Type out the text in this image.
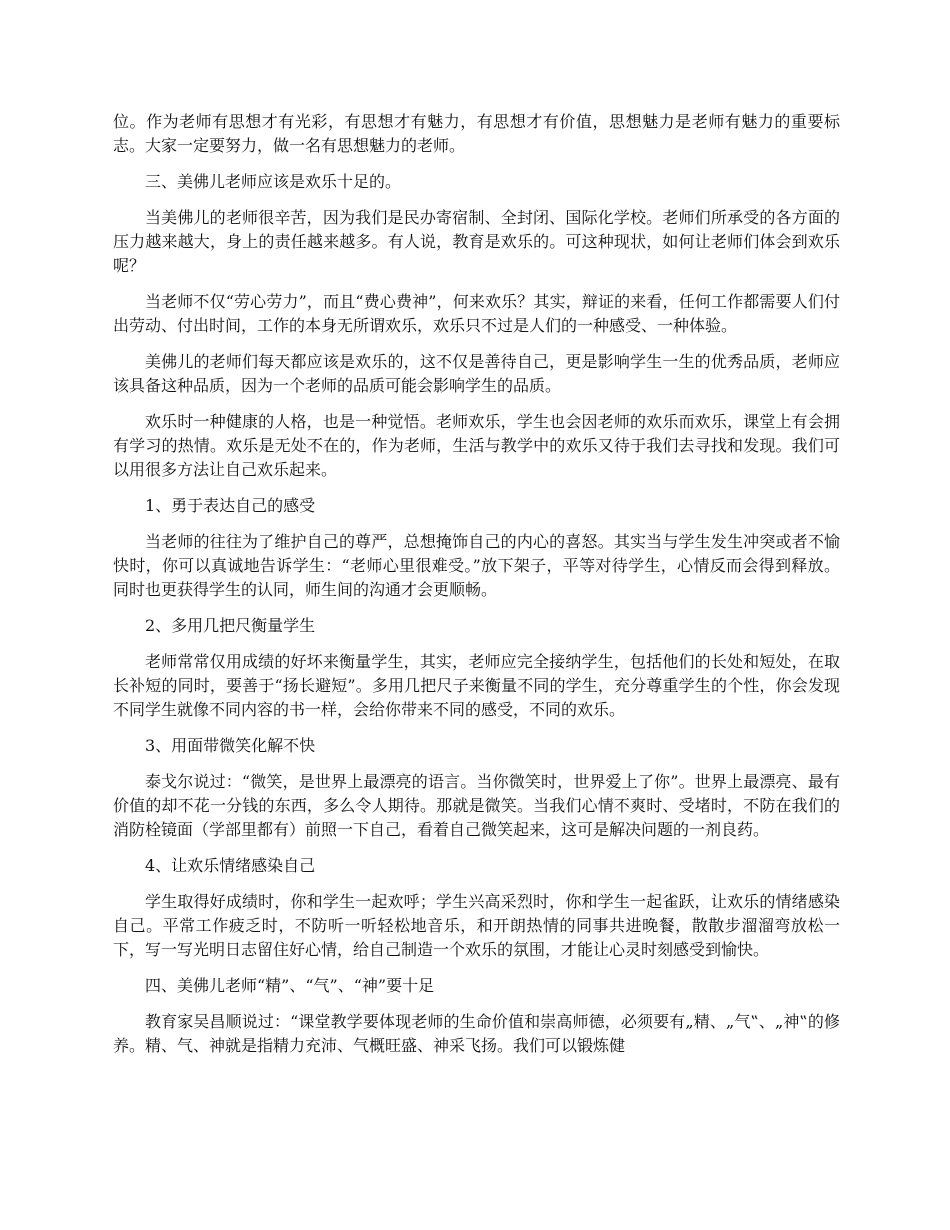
位。作为老师有思想才有光彩，有思想才有魅力，有思想才有价值，思想魅力是老师有魅力的重要标志。大家一定要努力，做一名有思想魅力的老师。

三、美佛儿老师应该是欢乐十足的。

当美佛儿的老师很辛苦，因为我们是民办寄宿制、全封闭、国际化学校。老师们所承受的各方面的压力越来越大，身上的责任越来越多。有人说，教育是欢乐的。可这种现状，如何让老师们体会到欢乐呢？

当老师不仅“劳心劳力”，而且“费心费神”，何来欢乐？其实，辩证的来看，任何工作都需要人们付出劳动、付出时间，工作的本身无所谓欢乐，欢乐只不过是人们的一种感受、一种体验。

美佛儿的老师们每天都应该是欢乐的，这不仅是善待自己，更是影响学生一生的优秀品质，老师应该具备这种品质，因为一个老师的品质可能会影响学生的品质。

欢乐时一种健康的人格，也是一种觉悟。老师欢乐，学生也会因老师的欢乐而欢乐，课堂上有会拥有学习的热情。欢乐是无处不在的，作为老师，生活与教学中的欢乐又待于我们去寻找和发现。我们可以用很多方法让自己欢乐起来。

1、勇于表达自己的感受

当老师的往往为了维护自己的尊严，总想掩饰自己的内心的喜怒。其实当与学生发生冲突或者不愉快时，你可以真诚地告诉学生：“老师心里很难受。”放下架子，平等对待学生，心情反而会得到释放。同时也更获得学生的认同，师生间的沟通才会更顺畅。

2、多用几把尺衡量学生

老师常常仅用成绩的好坏来衡量学生，其实，老师应完全接纳学生，包括他们的长处和短处，在取长补短的同时，要善于“扬长避短”。多用几把尺子来衡量不同的学生，充分尊重学生的个性，你会发现不同学生就像不同内容的书一样，会给你带来不同的感受，不同的欢乐。

3、用面带微笑化解不快

泰戈尔说过：“微笑，是世界上最漂亮的语言。当你微笑时，世界爱上了你”。世界上最漂亮、最有价值的却不花一分钱的东西，多么令人期待。那就是微笑。当我们心情不爽时、受堵时，不防在我们的消防栓镜面（学部里都有）前照一下自己，看着自己微笑起来，这可是解决问题的一剂良药。

4、让欢乐情绪感染自己

学生取得好成绩时，你和学生一起欢呼；学生兴高采烈时，你和学生一起雀跃，让欢乐的情绪感染自己。平常工作疲乏时，不防听一听轻松地音乐，和开朗热情的同事共进晚餐，散散步溜溜弯放松一下，写一写光明日志留住好心情，给自己制造一个欢乐的氛围，才能让心灵时刻感受到愉快。

四、美佛儿老师“精”、“气”、“神”要十足

教育家吴昌顺说过：“课堂教学要体现老师的生命价值和崇高师德，必须要有„精、„气‟、„神‟的修养。精、气、神就是指精力充沛、气概旺盛、神采飞扬。我们可以锻炼健
